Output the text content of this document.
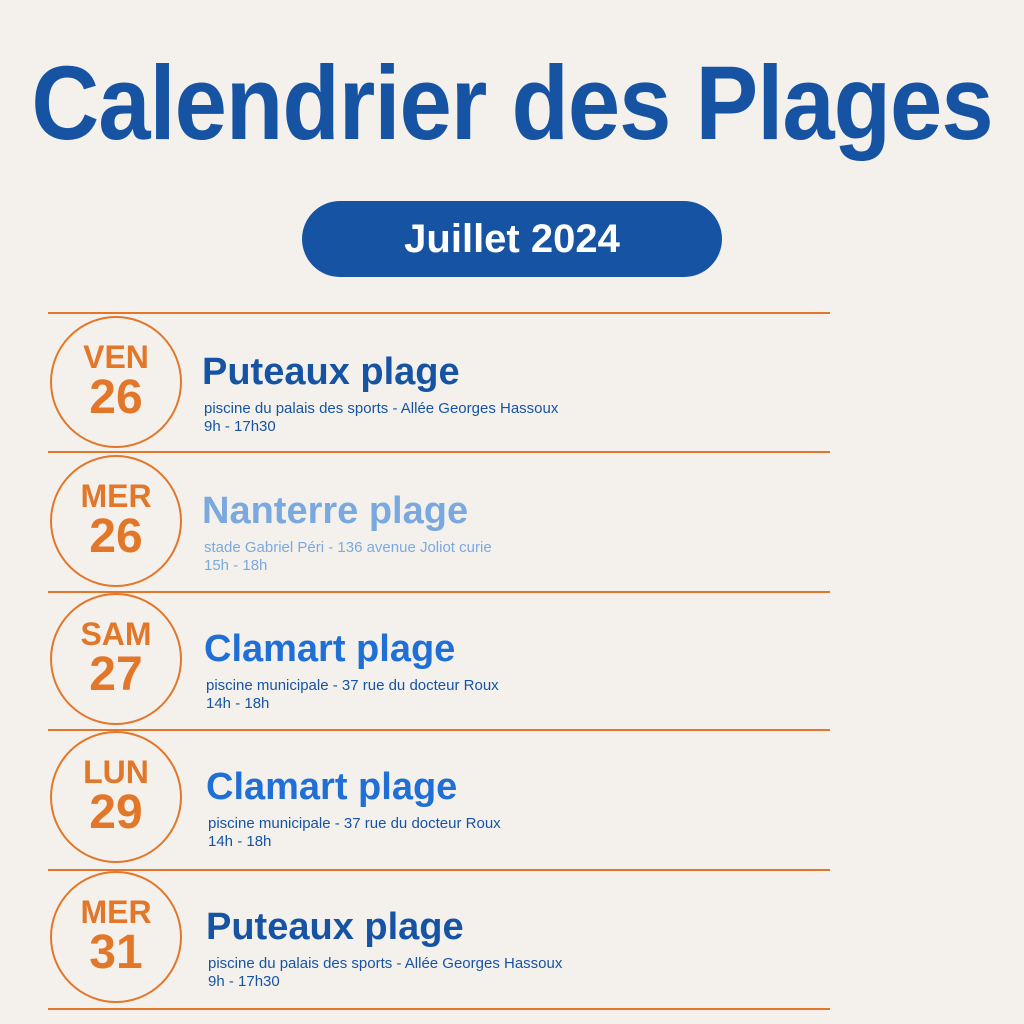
Calendrier des Plages
Juillet 2024
VEN
26	Puteaux plage
piscine du palais des sports - Allée Georges Hassoux
9h - 17h30
MER
26	Nanterre plage
stade Gabriel Péri - 136 avenue Joliot curie
15h - 18h
SAM
27	Clamart plage
piscine municipale - 37 rue du docteur Roux
14h - 18h
LUN
29	Clamart plage
piscine municipale - 37 rue du docteur Roux
14h - 18h
MER
31	Puteaux plage
piscine du palais des sports - Allée Georges Hassoux
9h - 17h30
